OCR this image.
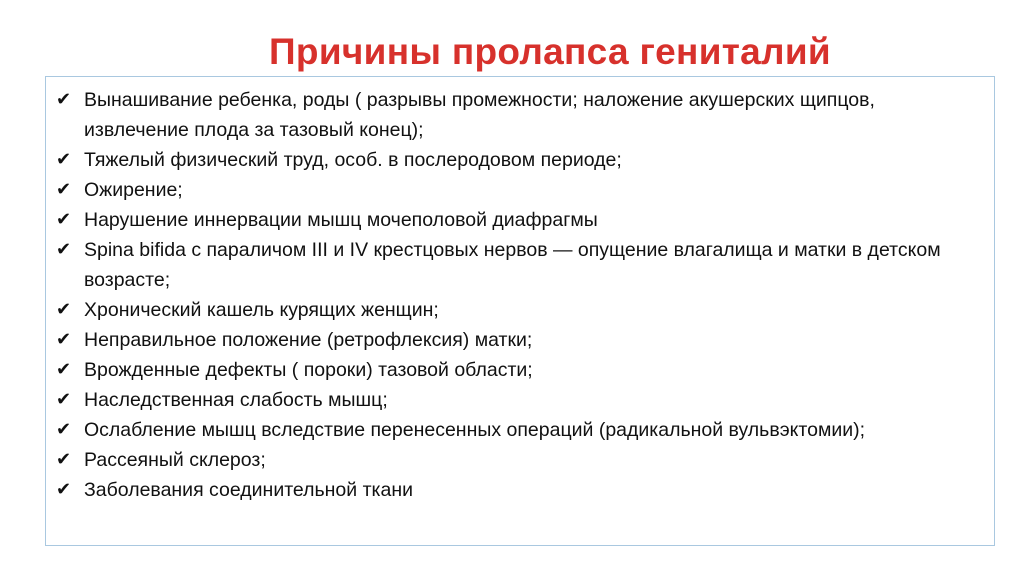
Причины пролапса гениталий
✔ Вынашивание ребенка, роды ( разрывы промежности; наложение акушерских щипцов, извлечение плода за тазовый конец);
✔ Тяжелый физический труд, особ. в послеродовом периоде;
✔ Ожирение;
✔ Нарушение иннервации мышц мочеполовой диафрагмы
✔ Spina bifida с параличом III и IV крестцовых нервов — опущение влагалища и матки в детском возрасте;
✔ Хронический кашель курящих женщин;
✔ Неправильное положение (ретрофлексия) матки;
✔ Врожденные дефекты ( пороки) тазовой области;
✔ Наследственная слабость мышц;
✔ Ослабление мышц вследствие перенесенных операций (радикальной вульвэктомии);
✔ Рассеяный склероз;
✔ Заболевания соединительной ткани
